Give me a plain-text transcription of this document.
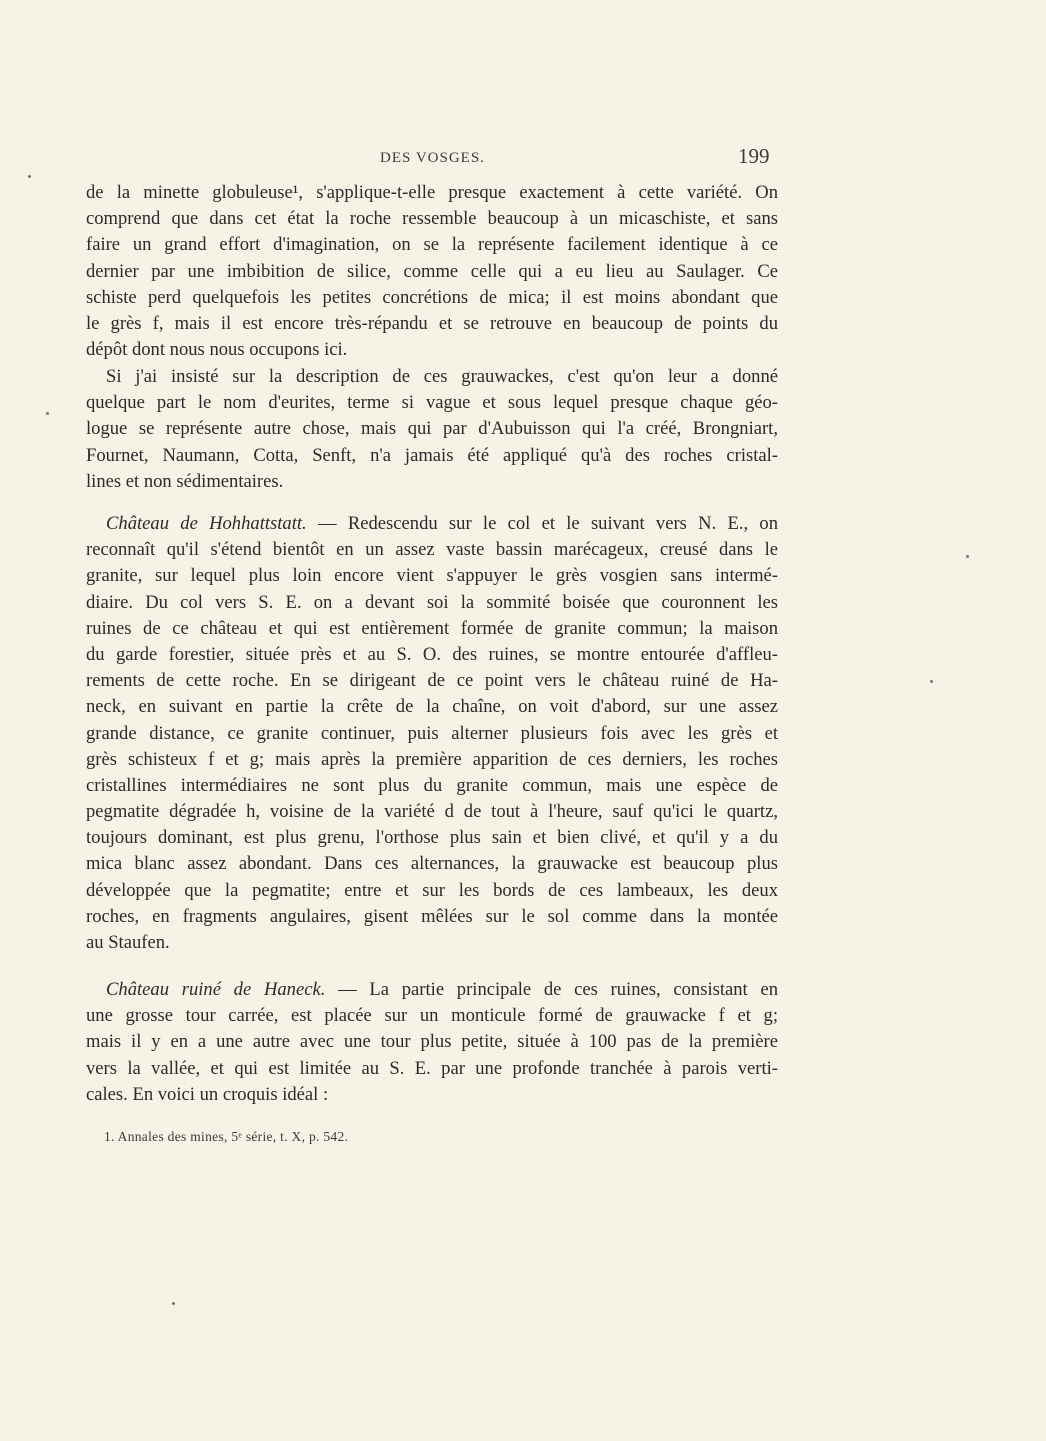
DES VOSGES.	199
de la minette globuleuse¹, s'applique-t-elle presque exactement à cette variété. On
comprend que dans cet état la roche ressemble beaucoup à un micaschiste, et sans
faire un grand effort d'imagination, on se la représente facilement identique à ce
dernier par une imbibition de silice, comme celle qui a eu lieu au Saulager. Ce
schiste perd quelquefois les petites concrétions de mica; il est moins abondant que
le grès f, mais il est encore très-répandu et se retrouve en beaucoup de points du
dépôt dont nous nous occupons ici.
Si j'ai insisté sur la description de ces grauwackes, c'est qu'on leur a donné
quelque part le nom d'eurites, terme si vague et sous lequel presque chaque géo-
logue se représente autre chose, mais qui par d'Aubuisson qui l'a créé, Brongniart,
Fournet, Naumann, Cotta, Senft, n'a jamais été appliqué qu'à des roches cristal-
lines et non sédimentaires.
Château de Hohhattstatt. — Redescendu sur le col et le suivant vers N. E., on
reconnaît qu'il s'étend bientôt en un assez vaste bassin marécageux, creusé dans le
granite, sur lequel plus loin encore vient s'appuyer le grès vosgien sans intermé-
diaire. Du col vers S. E. on a devant soi la sommité boisée que couronnent les
ruines de ce château et qui est entièrement formée de granite commun; la maison
du garde forestier, située près et au S. O. des ruines, se montre entourée d'affleu-
rements de cette roche. En se dirigeant de ce point vers le château ruiné de Ha-
neck, en suivant en partie la crête de la chaîne, on voit d'abord, sur une assez
grande distance, ce granite continuer, puis alterner plusieurs fois avec les grès et
grès schisteux f et g; mais après la première apparition de ces derniers, les roches
cristallines intermédiaires ne sont plus du granite commun, mais une espèce de
pegmatite dégradée h, voisine de la variété d de tout à l'heure, sauf qu'ici le quartz,
toujours dominant, est plus grenu, l'orthose plus sain et bien clivé, et qu'il y a du
mica blanc assez abondant. Dans ces alternances, la grauwacke est beaucoup plus
développée que la pegmatite; entre et sur les bords de ces lambeaux, les deux
roches, en fragments angulaires, gisent mêlées sur le sol comme dans la montée
au Staufen.
Château ruiné de Haneck. — La partie principale de ces ruines, consistant en
une grosse tour carrée, est placée sur un monticule formé de grauwacke f et g;
mais il y en a une autre avec une tour plus petite, située à 100 pas de la première
vers la vallée, et qui est limitée au S. E. par une profonde tranchée à parois verti-
cales. En voici un croquis idéal :
1. Annales des mines, 5ᵉ série, t. X, p. 542.
